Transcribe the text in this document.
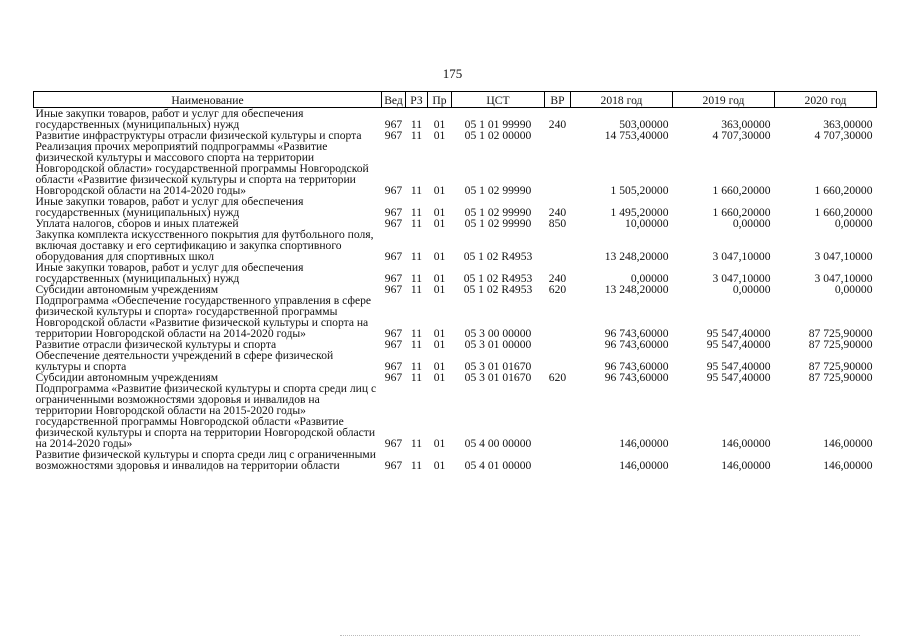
175
Наименование	Вед	РЗ	Пр	ЦСТ	ВР	2018 год	2019 год	2020 год
Иные закупки товаров, работ и услуг для обеспечения государственных (муниципальных) нужд	967	11	01	05 1 01 99990	240	503,00000	363,00000	363,00000
Развитие инфраструктуры отрасли физической культуры и спорта	967	11	01	05 1 02 00000		14 753,40000	4 707,30000	4 707,30000
Реализация прочих мероприятий подпрограммы «Развитие физической культуры и массового спорта на территории Новгородской области» государственной программы Новгородской области «Развитие физической культуры и спорта на территории Новгородской области на 2014-2020 годы»	967	11	01	05 1 02 99990		1 505,20000	1 660,20000	1 660,20000
Иные закупки товаров, работ и услуг для обеспечения государственных (муниципальных) нужд	967	11	01	05 1 02 99990	240	1 495,20000	1 660,20000	1 660,20000
Уплата налогов, сборов и иных платежей	967	11	01	05 1 02 99990	850	10,00000	0,00000	0,00000
Закупка комплекта искусственного покрытия для футбольного поля, включая доставку и его сертификацию и закупка спортивного оборудования для спортивных школ	967	11	01	05 1 02 R4953		13 248,20000	3 047,10000	3 047,10000
Иные закупки товаров, работ и услуг для обеспечения государственных (муниципальных) нужд	967	11	01	05 1 02 R4953	240	0,00000	3 047,10000	3 047,10000
Субсидии автономным учреждениям	967	11	01	05 1 02 R4953	620	13 248,20000	0,00000	0,00000
Подпрограмма «Обеспечение государственного управления в сфере физической культуры и спорта» государственной программы Новгородской области «Развитие физической культуры и спорта на территории Новгородской области на 2014-2020 годы»	967	11	01	05 3 00 00000		96 743,60000	95 547,40000	87 725,90000
Развитие отрасли физической культуры и спорта	967	11	01	05 3 01 00000		96 743,60000	95 547,40000	87 725,90000
Обеспечение деятельности учреждений в сфере физической культуры и спорта	967	11	01	05 3 01 01670		96 743,60000	95 547,40000	87 725,90000
Субсидии автономным учреждениям	967	11	01	05 3 01 01670	620	96 743,60000	95 547,40000	87 725,90000
Подпрограмма «Развитие физической культуры и спорта среди лиц с ограниченными возможностями здоровья и инвалидов на территории Новгородской области на 2015-2020 годы» государственной программы Новгородской области «Развитие физической культуры и спорта на территории Новгородской области на 2014-2020 годы»	967	11	01	05 4 00 00000		146,00000	146,00000	146,00000
Развитие физической культуры и спорта среди лиц с ограниченными возможностями здоровья и инвалидов на территории области	967	11	01	05 4 01 00000		146,00000	146,00000	146,00000
